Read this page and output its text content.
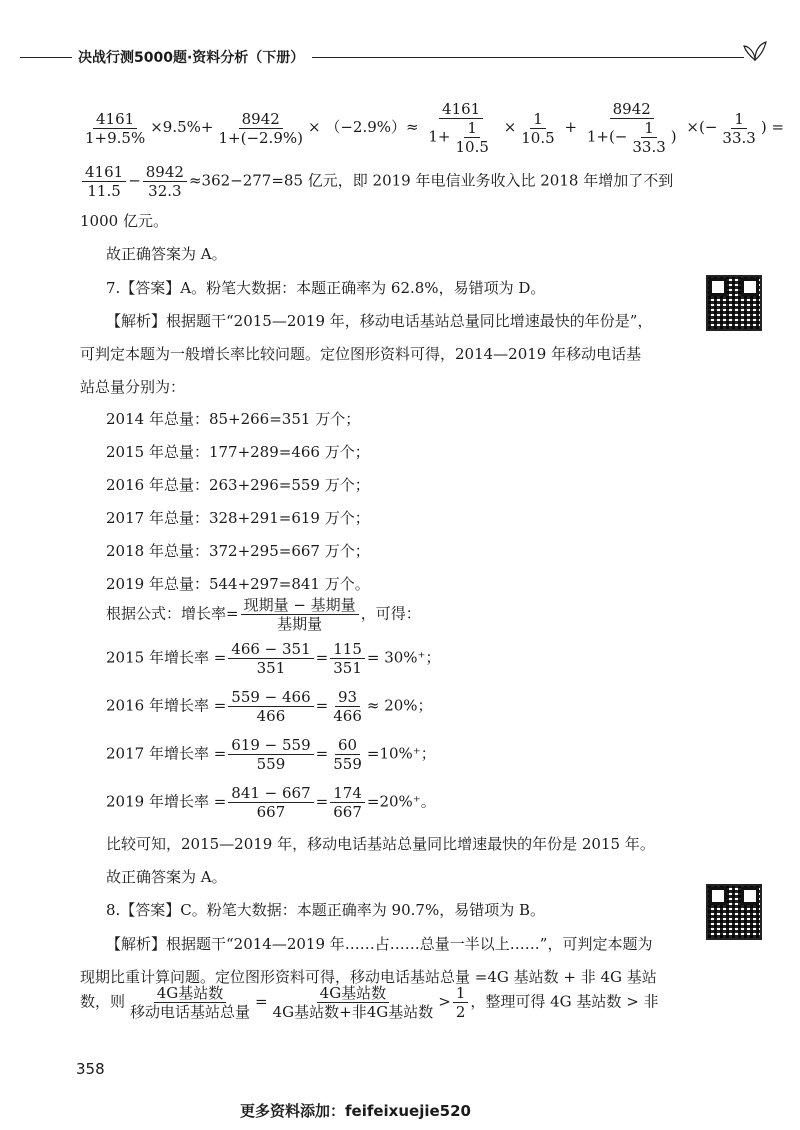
决战行测5000题·资料分析（下册）
$\frac{4161}{1+9.5\%} \times 9.5\%+ \frac{8942}{1+(-2.9\%)} \times (-2.9\%)\approx \frac{4161}{1+ \frac{1}{10.5}} \times \frac{1}{10.5} + \frac{8942}{1+(- \frac{1}{33.3} )}$ ×(− $\frac{1}{33.3}$ ) =
$\frac{4161}{11.5} - \frac{8942}{32.3} \approx 362-277=85$ 亿元，即 2019 年电信业务收入比 2018 年增加了不到
1000 亿元。
故正确答案为 A。
7.【答案】A。粉笔大数据：本题正确率为 62.8%，易错项为 D。
【解析】根据题干“2015—2019 年，移动电话基站总量同比增速最快的年份是”，
可判定本题为一般增长率比较问题。定位图形资料可得，2014—2019 年移动电话基
站总量分别为：
2014 年总量：85+266=351 万个；
2015 年总量：177+289=466 万个；
2016 年总量：263+296=559 万个；
2017 年总量：328+291=619 万个；
2018 年总量：372+295=667 万个；
2019 年总量：544+297=841 万个。
根据公式：增长率= $\frac{\text{现期量 − 基期量}}{\text{基期量}}$ ，可得：
2015 年增长率 = $\frac{466 - 351}{351} = \frac{115}{351} = 30\%^+$；
2016 年增长率 = $\frac{559 - 466}{466} = \frac{93}{466} \approx 20\%$；
2017 年增长率 = $\frac{619 - 559}{559} = \frac{60}{559} =10\%^+$；
2019 年增长率 = $\frac{841 - 667}{667} = \frac{174}{667} =20\%^+$。
比较可知，2015—2019 年，移动电话基站总量同比增速最快的年份是 2015 年。
故正确答案为 A。
8.【答案】C。粉笔大数据：本题正确率为 90.7%，易错项为 B。
【解析】根据题干“2014—2019 年……占……总量一半以上……”，可判定本题为
现期比重计算问题。定位图形资料可得，移动电话基站总量 =4G 基站数 + 非 4G 基站
数，则 $\frac{\text{4G基站数}}{\text{移动电话基站总量}} = \frac{\text{4G基站数}}{\text{4G基站数+非4G基站数}} > \frac{1}{2}$ ，整理可得 4G 基站数 > 非
358
更多资料添加：feifeixuejie520
